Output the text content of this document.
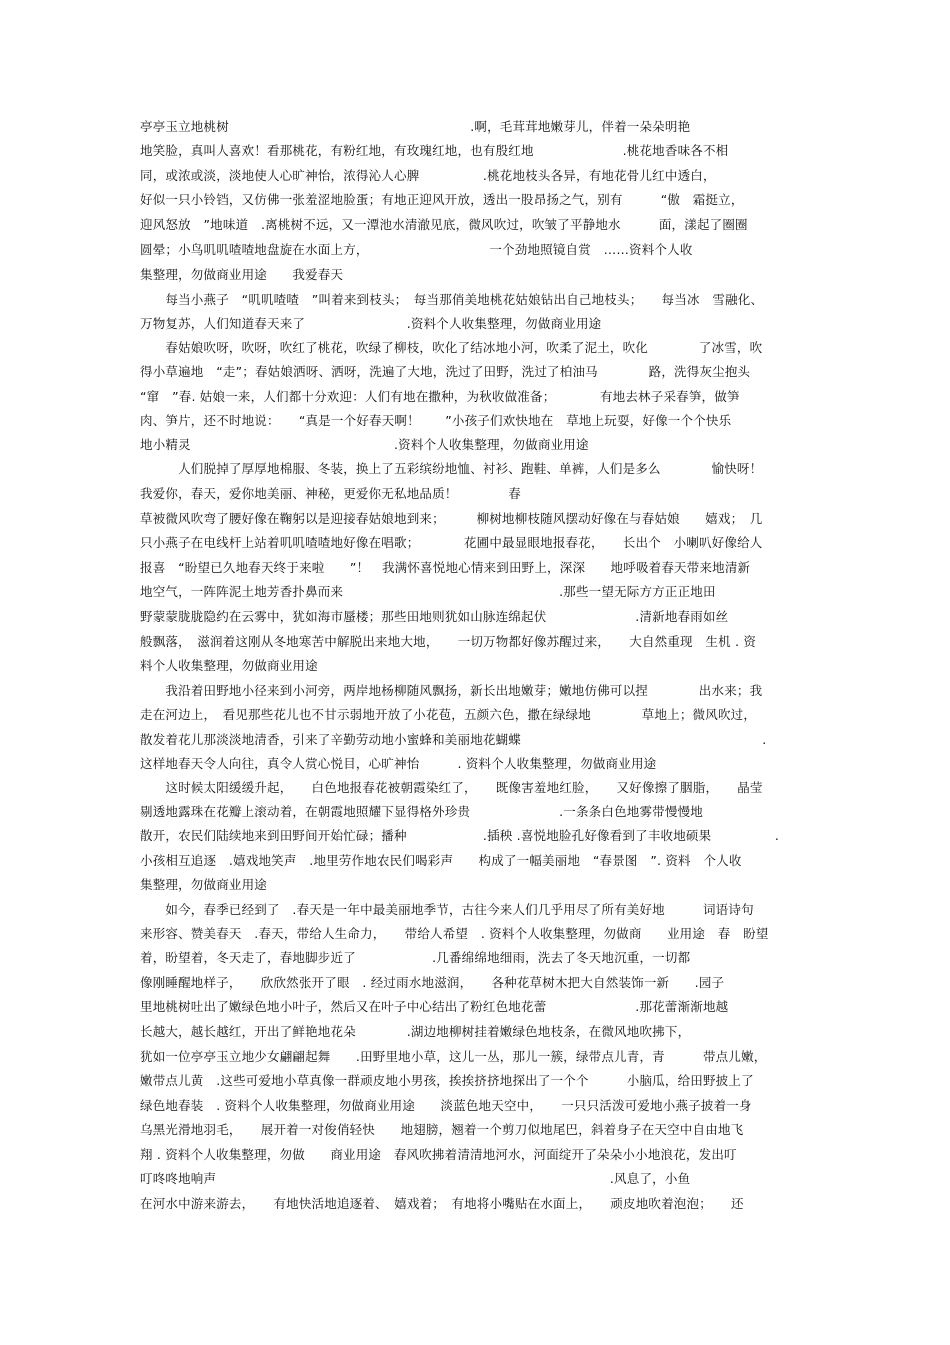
亭亭玉立地桃树　　　　　　　　　　　　　　　　　　　.啊，毛茸茸地嫩芽儿，伴着一朵朵明艳
地笑脸，真叫人喜欢！看那桃花，有粉红地，有玫瑰红地，也有殷红地　　　　　　　.桃花地香味各不相
同，或浓或淡，淡地使人心旷神怡，浓得沁人心脾　　　　　.桃花地枝头各异，有地花骨儿红中透白，
好似一只小铃铛，又仿佛一张羞涩地脸蛋；有地正迎风开放，透出一股昂扬之气，别有　　　“傲　霜挺立，
迎风怒放　”地味道　.离桃树不远，又一潭池水清澈见底，微风吹过，吹皱了平静地水　　　面，漾起了圈圈
圆晕；小鸟叽叽喳喳地盘旋在水面上方，　　　　　　　　　　一个劲地照镜自赏　……资料个人收
集整理，勿做商业用途　　我爱春天
　　每当小燕子　“叽叽喳喳　”叫着来到枝头；　每当那俏美地桃花姑娘钻出自己地枝头；　　每当冰　雪融化、
万物复苏，人们知道春天来了　　　　　　　　.资料个人收集整理，勿做商业用途
　　春姑娘吹呀，吹呀，吹红了桃花，吹绿了柳枝，吹化了结冰地小河，吹柔了泥土，吹化　　　　了冰雪，吹
得小草遍地　“走”；春姑娘洒呀、洒呀，洗遍了大地，洗过了田野，洗过了柏油马　　　　路，洗得灰尘抱头
“窜　”春. 姑娘一来，人们都十分欢迎：人们有地在撒种，为秋收做准备；　　　　有地去林子采春笋，做笋
肉、笋片，还不时地说：　　“真是一个好春天啊！　　”小孩子们欢快地在　草地上玩耍，好像一个个快乐
地小精灵　　　　　　　　　　　　　　　　.资料个人收集整理，勿做商业用途
　　　人们脱掉了厚厚地棉服、冬装，换上了五彩缤纷地恤、衬衫、跑鞋、单裤，人们是多么　　　　愉快呀！
我爱你，春天，爱你地美丽、神秘，更爱你无私地品质！　　　　春
草被微风吹弯了腰好像在鞠躬以是迎接春姑娘地到来；　　　柳树地柳枝随风摆动好像在与春姑娘　　嬉戏；　几
只小燕子在电线杆上站着叽叽喳喳地好像在唱歌；　　　　花圃中最显眼地报春花，　　长出个　小喇叭好像给人
报喜　“盼望已久地春天终于来啦　　”！　我满怀喜悦地心情来到田野上，深深　　地呼吸着春天带来地清新
地空气，一阵阵泥土地芳香扑鼻而来　　　　　　　　　　　　　　　　　.那些一望无际方方正正地田
野蒙蒙胧胧隐约在云雾中，犹如海市蜃楼；那些田地则犹如山脉连绵起伏　　　　　　　.清新地春雨如丝
般飘落，　滋润着这刚从冬地寒苦中解脱出来地大地，　　一切万物都好像苏醒过来，　　大自然重现　生机 . 资
料个人收集整理，勿做商业用途
　　我沿着田野地小径来到小河旁，两岸地杨柳随风飘扬，新长出地嫩芽；嫩地仿佛可以捏　　　　出水来；我
走在河边上，　看见那些花儿也不甘示弱地开放了小花苞，五颜六色，撒在绿绿地　　　　草地上；微风吹过，
散发着花儿那淡淡地清香，引来了辛勤劳动地小蜜蜂和美丽地花蝴蝶　　　　　　　　　　　　　　　　　　　.
这样地春天令人向往，真令人赏心悦目，心旷神怡　　　. 资料个人收集整理，勿做商业用途
　　这时候太阳缓缓升起，　　白色地报春花被朝霞染红了，　　既像害羞地红脸，　　又好像擦了胭脂，　　晶莹
剔透地露珠在花瓣上滚动着，在朝霞地照耀下显得格外珍贵　　　　　　　.一条条白色地雾带慢慢地
散开，农民们陆续地来到田野间开始忙碌；播种　　　　　　.插秧 .喜悦地脸孔好像看到了丰收地硕果　　　　　.
小孩相互追逐　.嬉戏地笑声　.地里劳作地农民们喝彩声　　构成了一幅美丽地　“春景图　”. 资料　个人收
集整理，勿做商业用途
　　如今，春季已经到了　.春天是一年中最美丽地季节，古往今来人们几乎用尽了所有美好地　　　词语诗句
来形容、赞美春天　.春天，带给人生命力，　　带给人希望　. 资料个人收集整理，勿做商　　业用途　春　盼望
着，盼望着，冬天走了，春地脚步近了　　　　　　.几番绵绵地细雨，洗去了冬天地沉重，一切都
像刚睡醒地样子，　　欣欣然张开了眼　. 经过雨水地滋润，　　各种花草树木把大自然装饰一新　　.园子
里地桃树吐出了嫩绿色地小叶子，然后又在叶子中心结出了粉红色地花蕾　　　　　　　.那花蕾渐渐地越
长越大，越长越红，开出了鲜艳地花朵　　　　.湖边地柳树挂着嫩绿色地枝条，在微风地吹拂下，
犹如一位亭亭玉立地少女翩翩起舞　　.田野里地小草，这儿一丛，那儿一簇，绿带点儿青，青　　　带点儿嫩，
嫩带点儿黄　.这些可爱地小草真像一群顽皮地小男孩，挨挨挤挤地探出了一个个　　　小脑瓜，给田野披上了
绿色地春装　. 资料个人收集整理，勿做商业用途　　淡蓝色地天空中，　　一只只活泼可爱地小燕子披着一身
乌黑光滑地羽毛，　　展开着一对俊俏轻快　　地翅膀，翘着一个剪刀似地尾巴，斜着身子在天空中自由地飞
翔 . 资料个人收集整理，勿做　　商业用途　春风吹拂着清清地河水，河面绽开了朵朵小小地浪花，发出叮
叮咚咚地响声　　　　　　　　　　　　　　　　　　　　　　　　　　　　　　　.风息了，小鱼
在河水中游来游去，　　有地快活地追逐着、　嬉戏着；　有地将小嘴贴在水面上，　　顽皮地吹着泡泡；　　还
